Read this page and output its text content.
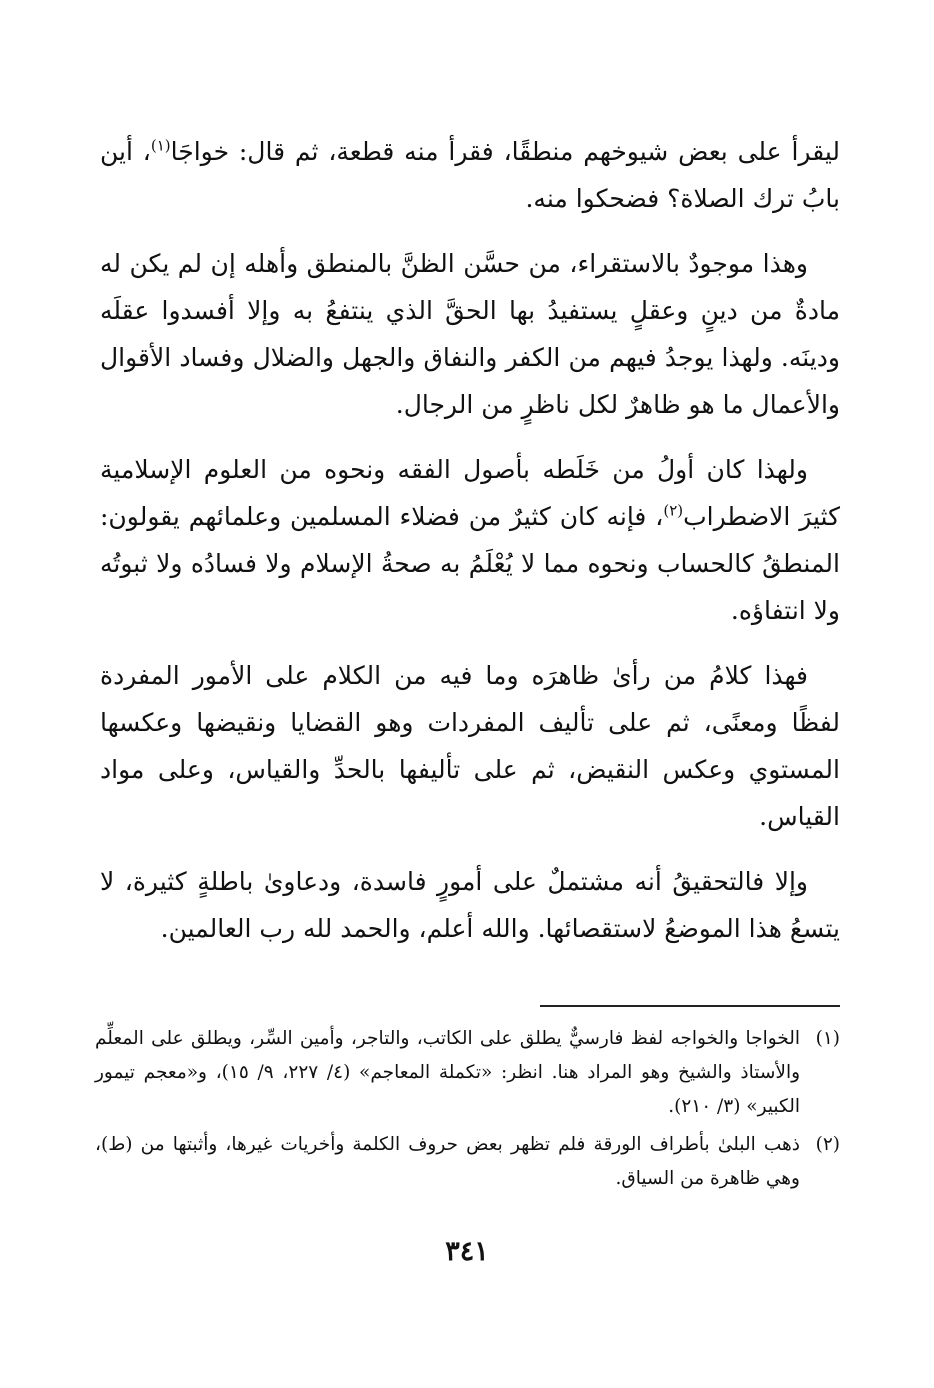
ليقرأ على بعض شيوخهم منطقًا، فقرأ منه قطعة، ثم قال: خواجَا$^{(١)}$، أين بابُ ترك الصلاة؟ فضحكوا منه.

وهذا موجودٌ بالاستقراء، من حسَّن الظنَّ بالمنطق وأهله إن لم يكن له مادةٌ من دينٍ وعقلٍ يستفيدُ بها الحقَّ الذي ينتفعُ به وإلا أفسدوا عقلَه ودينَه. ولهذا يوجدُ فيهم من الكفر والنفاق والجهل والضلال وفساد الأقوال والأعمال ما هو ظاهرٌ لكل ناظرٍ من الرجال.

ولهذا كان أولُ من خَلَطه بأصول الفقه ونحوه من العلوم الإسلامية كثيرَ الاضطراب$^{(٢)}$، فإنه كان كثيرٌ من فضلاء المسلمين وعلمائهم يقولون: المنطقُ كالحساب ونحوه مما لا يُعْلَمُ به صحةُ الإسلام ولا فسادُه ولا ثبوتُه ولا انتفاؤه.

فهذا كلامُ من رأىٰ ظاهرَه وما فيه من الكلام على الأمور المفردة لفظًا ومعنًى، ثم على تأليف المفردات وهو القضايا ونقيضها وعكسها المستوي وعكس النقيض، ثم على تأليفها بالحدِّ والقياس، وعلى مواد القياس.

وإلا فالتحقيقُ أنه مشتملٌ على أمورٍ فاسدة، ودعاوىٰ باطلةٍ كثيرة، لا يتسعُ هذا الموضعُ لاستقصائها. والله أعلم، والحمد لله رب العالمين.

(١)
الخواجا والخواجه لفظ فارسيٌّ يطلق على الكاتب، والتاجر، وأمين السِّر، ويطلق على المعلِّم والأستاذ والشيخ وهو المراد هنا. انظر: «تكملة المعاجم» (٤/ ٢٢٧، ٩/ ١٥)، و«معجم تيمور الكبير» (٣/ ٢١٠).
(٢)
ذهب البلىٰ بأطراف الورقة فلم تظهر بعض حروف الكلمة وأخريات غيرها، وأثبتها من (ط)، وهي ظاهرة من السياق.
٣٤١
